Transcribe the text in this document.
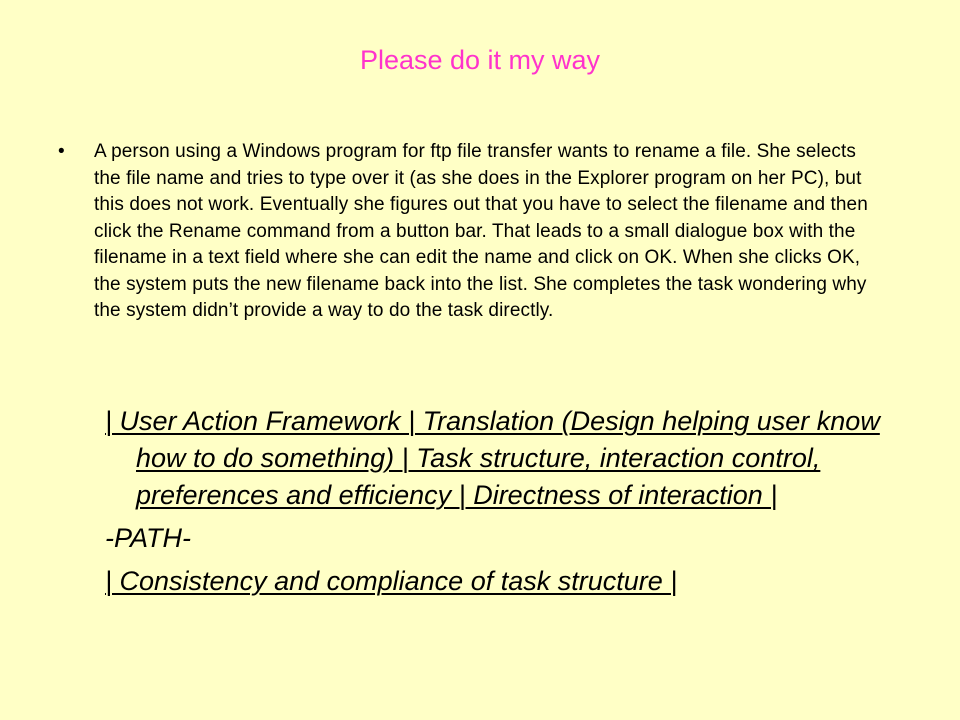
Please do it my way
• A person using a Windows program for ftp file transfer wants to rename a file. She selects the file name and tries to type over it (as she does in the Explorer program on her PC), but this does not work. Eventually she figures out that you have to select the filename and then click the Rename command from a button bar. That leads to a small dialogue box with the filename in a text field where she can edit the name and click on OK. When she clicks OK, the system puts the new filename back into the list. She completes the task wondering why the system didn’t provide a way to do the task directly.

| User Action Framework | Translation (Design helping user know how to do something) | Task structure, interaction control, preferences and efficiency | Directness of interaction |

-PATH-

| Consistency and compliance of task structure |
